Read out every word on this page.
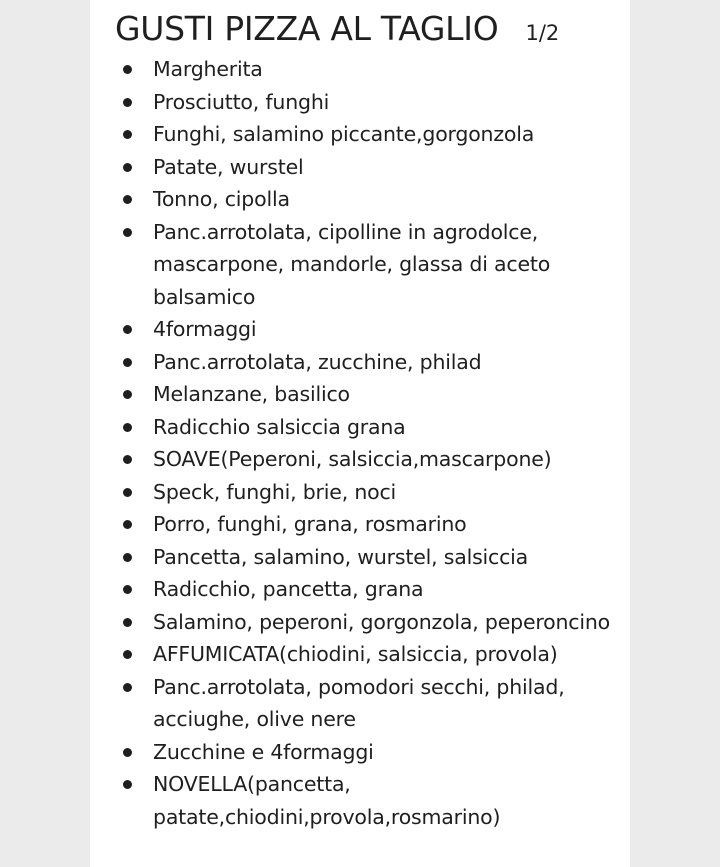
GUSTI PIZZA AL TAGLIO 1/2
Margherita
Prosciutto, funghi
Funghi, salamino piccante,gorgonzola
Patate, wurstel
Tonno, cipolla
Panc.arrotolata, cipolline in agrodolce, mascarpone, mandorle, glassa di aceto balsamico
4formaggi
Panc.arrotolata, zucchine, philad
Melanzane, basilico
Radicchio salsiccia grana
SOAVE(Peperoni, salsiccia,mascarpone)
Speck, funghi, brie, noci
Porro, funghi, grana, rosmarino
Pancetta, salamino, wurstel, salsiccia
Radicchio, pancetta, grana
Salamino, peperoni, gorgonzola, peperoncino
AFFUMICATA(chiodini, salsiccia, provola)
Panc.arrotolata, pomodori secchi, philad, acciughe, olive nere
Zucchine e 4formaggi
NOVELLA(pancetta, patate,chiodini,provola,rosmarino)
